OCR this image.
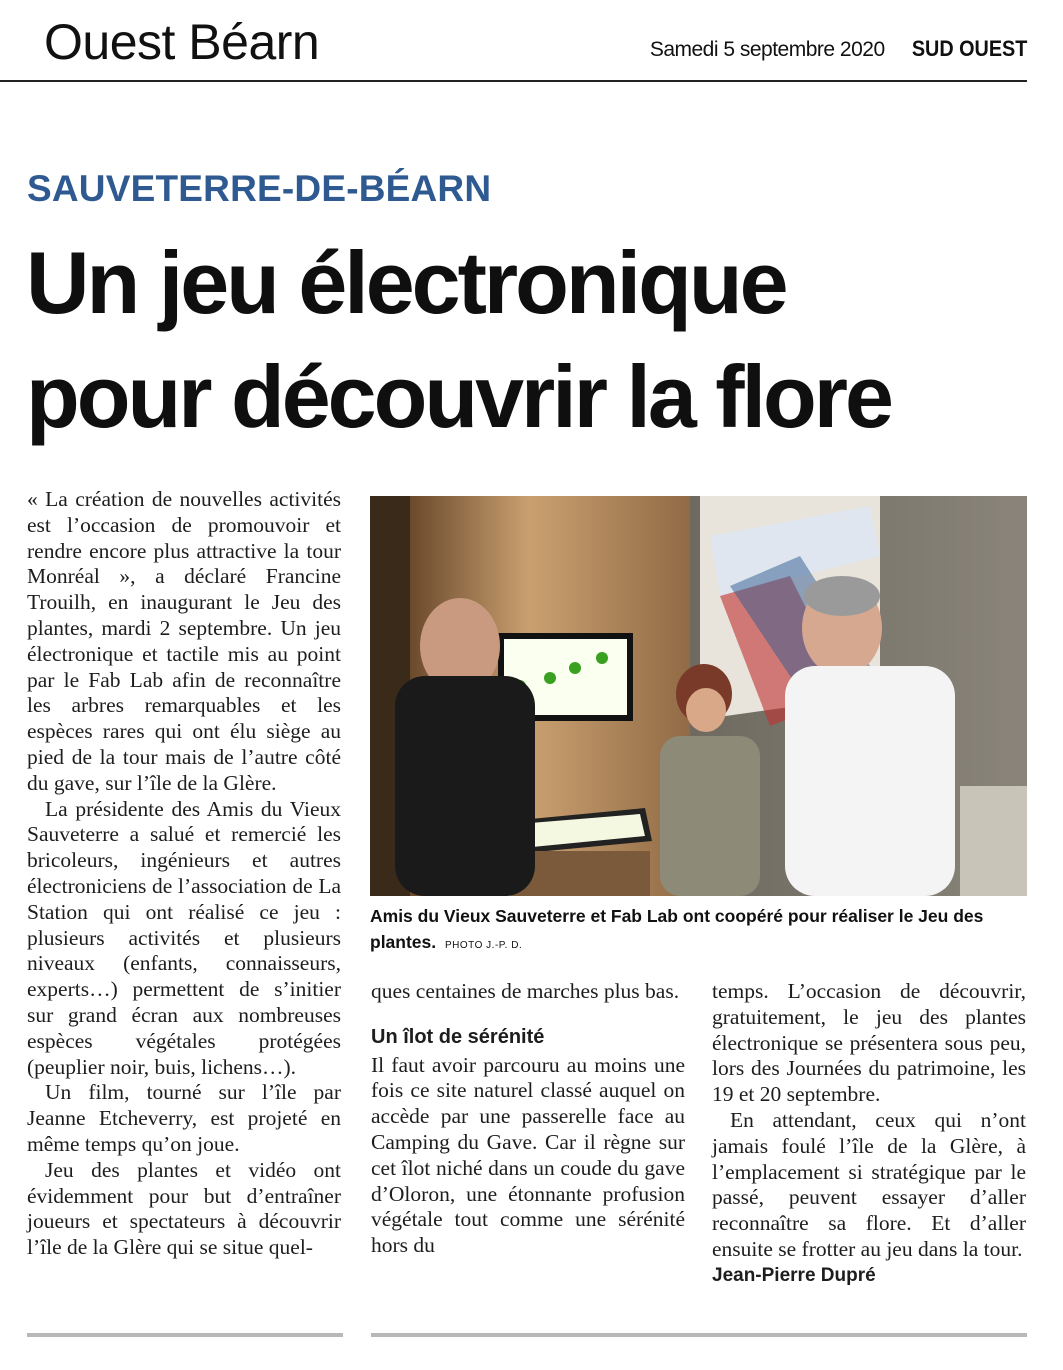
Ouest Béarn	Samedi 5 septembre 2020 SUD OUEST
SAUVETERRE-DE-BÉARN
Un jeu électronique
pour découvrir la flore

« La création de nouvelles activités est l’occasion de promouvoir et rendre encore plus attractive la tour Monréal », a déclaré Francine Trouilh, en inaugurant le Jeu des plantes, mardi 2 septembre. Un jeu électronique et tactile mis au point par le Fab Lab afin de reconnaître les arbres remarquables et les espèces rares qui ont élu siège au pied de la tour mais de l’autre côté du gave, sur l’île de la Glère.

La présidente des Amis du Vieux Sauveterre a salué et remercié les bricoleurs, ingénieurs et autres électroniciens de l’association de La Station qui ont réalisé ce jeu : plusieurs activités et plusieurs niveaux (enfants, connaisseurs, experts…) permettent de s’initier sur grand écran aux nombreuses espèces végétales protégées (peuplier noir, buis, lichens…).

Un film, tourné sur l’île par Jeanne Etcheverry, est projeté en même temps qu’on joue.

Jeu des plantes et vidéo ont évidemment pour but d’entraîner joueurs et spectateurs à découvrir l’île de la Glère qui se situe quel-

Amis du Vieux Sauveterre et Fab Lab ont coopéré pour réaliser le Jeu des plantes. PHOTO J.-P. D.

ques centaines de marches plus bas.

Un îlot de sérénité

Il faut avoir parcouru au moins une fois ce site naturel classé auquel on accède par une passerelle face au Camping du Gave. Car il règne sur cet îlot niché dans un coude du gave d’Oloron, une étonnante profusion végétale tout comme une sérénité hors du

temps. L’occasion de découvrir, gratuitement, le jeu des plantes électronique se présentera sous peu, lors des Journées du patrimoine, les 19 et 20 septembre.

En attendant, ceux qui n’ont jamais foulé l’île de la Glère, à l’emplacement si stratégique par le passé, peuvent essayer d’aller reconnaître sa flore. Et d’aller ensuite se frotter au jeu dans la tour.

Jean-Pierre Dupré
